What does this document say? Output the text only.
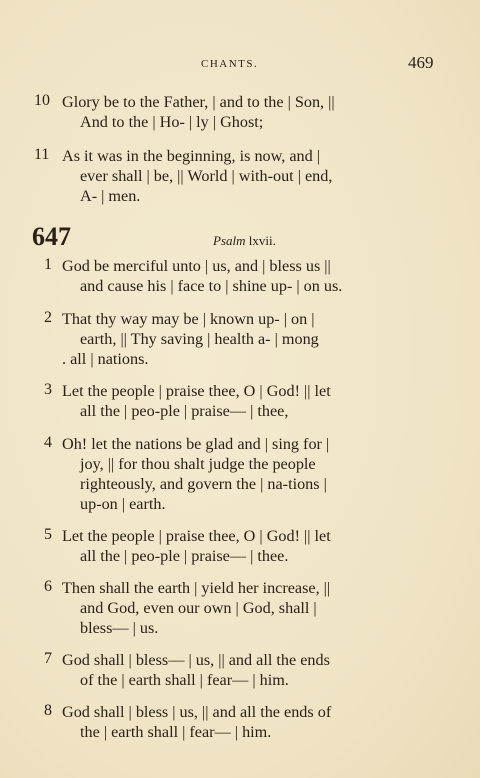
CHANTS.	469
10 Glory be to the Father, | and to the | Son, ||
And to the | Ho- | ly | Ghost;
11 As it was in the beginning, is now, and |
ever shall | be, || World | with-out | end,
A- | men.
647	Psalm lxvii.
1 God be merciful unto | us, and | bless us ||
and cause his | face to | shine up- | on us.
2 That thy way may be | known up- | on |
earth, || Thy saving | health a- | mong
. all | nations.
3 Let the people | praise thee, O | God! || let
all the | peo-ple | praise— | thee,
4 Oh! let the nations be glad and | sing for |
joy, || for thou shalt judge the people
righteously, and govern the | na-tions |
up-on | earth.
5 Let the people | praise thee, O | God! || let
all the | peo-ple | praise— | thee.
6 Then shall the earth | yield her increase, ||
and God, even our own | God, shall |
bless— | us.
7 God shall | bless— | us, || and all the ends
of the | earth shall | fear— | him.
8 God shall | bless | us, || and all the ends of
the | earth shall | fear— | him.
